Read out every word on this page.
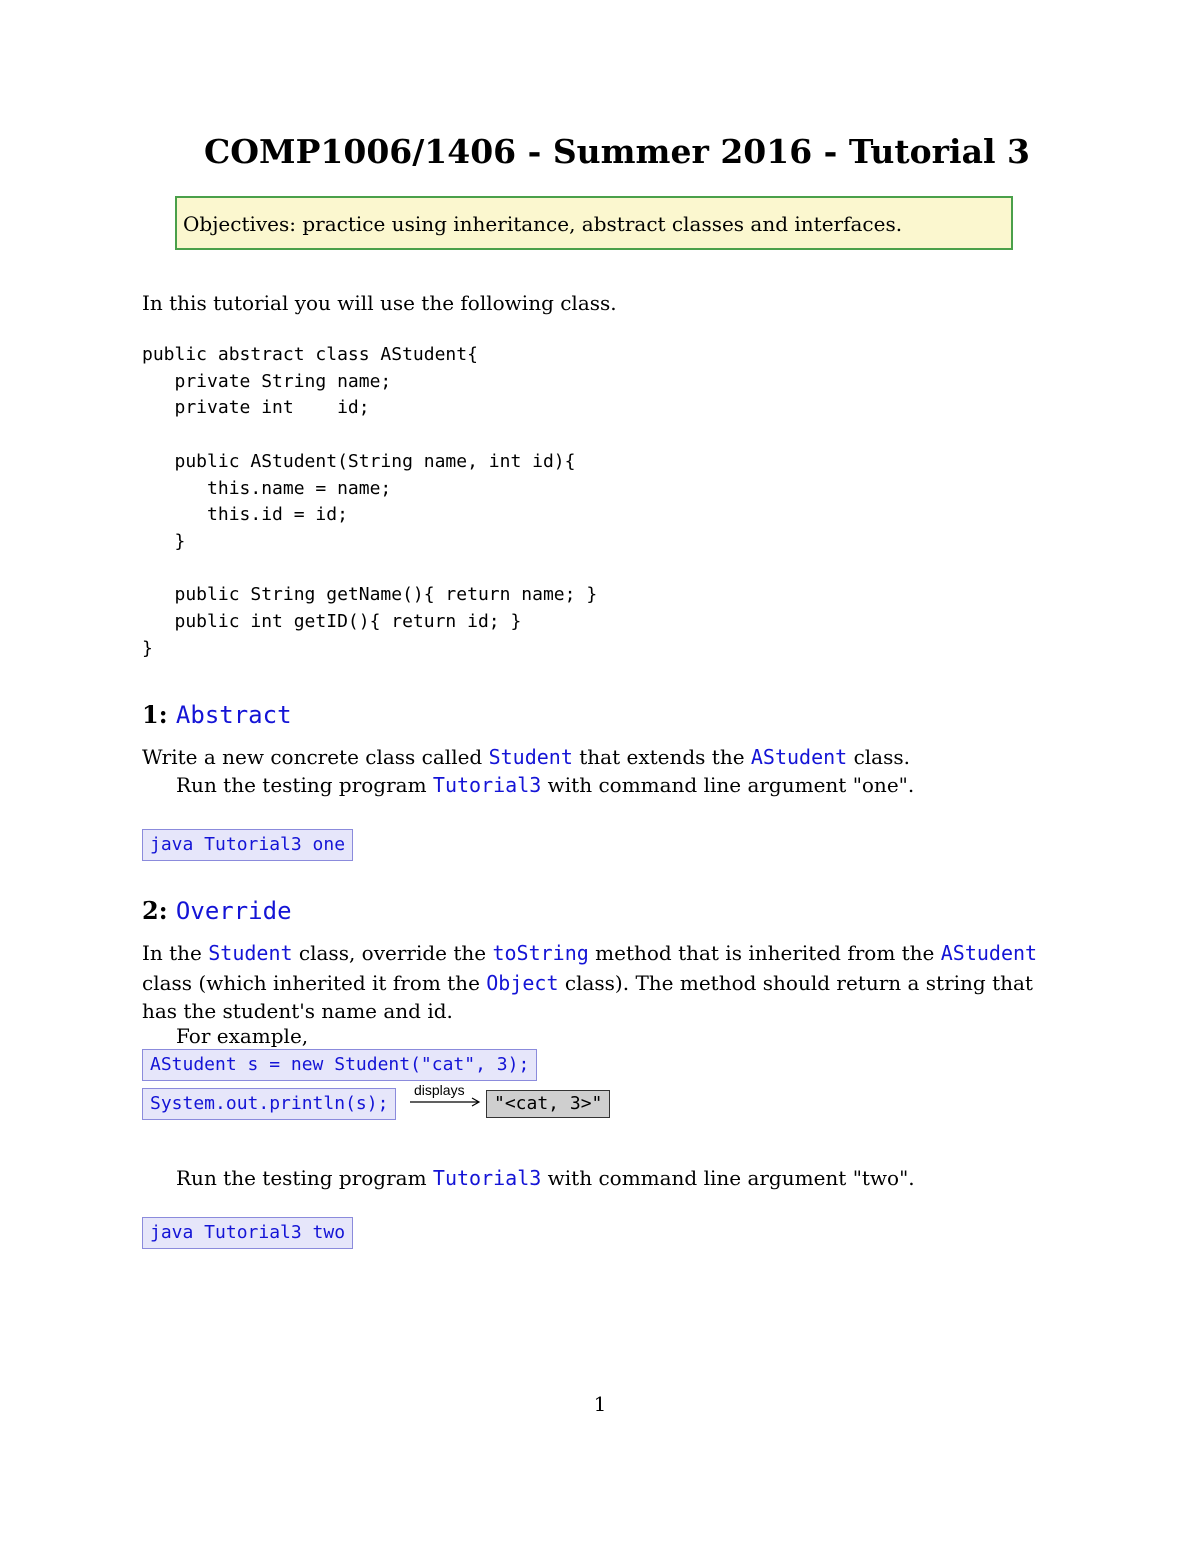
COMP1006/1406 - Summer 2016 - Tutorial 3
Objectives: practice using inheritance, abstract classes and interfaces.
In this tutorial you will use the following class.
public abstract class AStudent{
private String name;
private int    id;

public AStudent(String name, int id){
this.name = name;
this.id = id;
}

public String getName(){ return name; }
public int getID(){ return id; }
}
1: Abstract
Write a new concrete class called Student that extends the AStudent class.
Run the testing program Tutorial3 with command line argument "one".
java Tutorial3 one
2: Override
In the Student class, override the toString method that is inherited from the AStudent
class (which inherited it from the Object class). The method should return a string that
has the student's name and id.
For example,
AStudent s = new Student("cat", 3);
System.out.println(s);
displays
"<cat, 3>"
Run the testing program Tutorial3 with command line argument "two".
java Tutorial3 two
1
